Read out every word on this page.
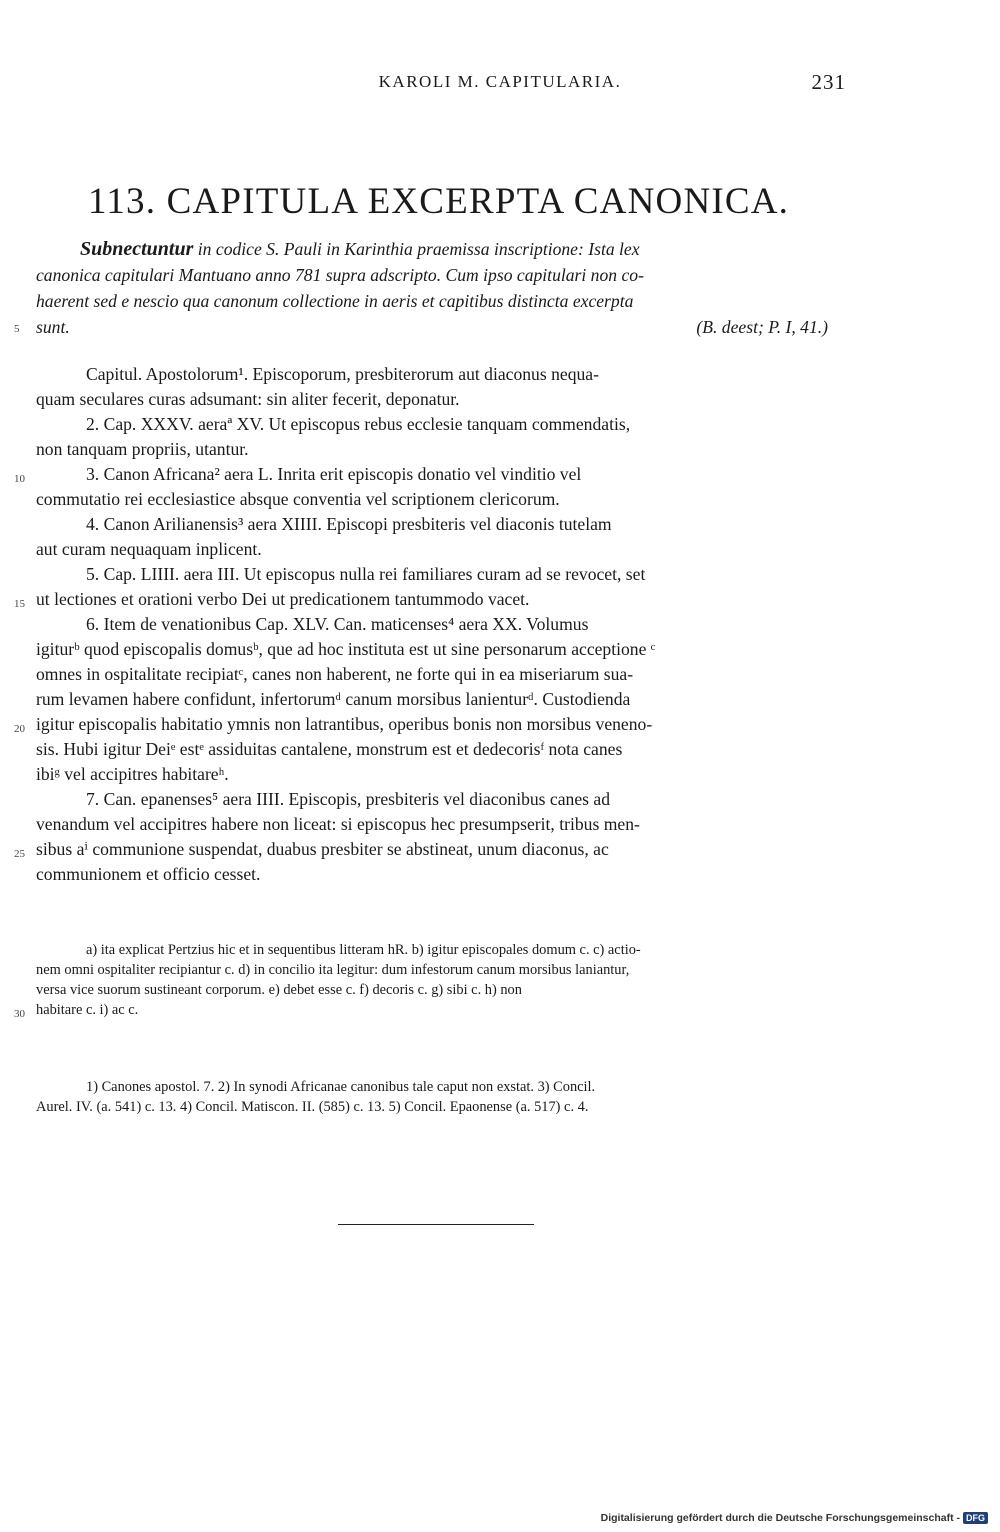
KAROLI M. CAPITULARIA.	231
113. CAPITULA EXCERPTA CANONICA.

Subnectuntur in codice S. Pauli in Karinthia praemissa inscriptione: Ista lex

canonica capitulari Mantuano anno 781 supra adscripto. Cum ipso capitulari non co-
haerent sed e nescio qua canonum collectione in aeris et capitibus distincta excerpta
sunt.	(B. deest; P. I, 41.)
Capitul. Apostolorum¹. Episcoporum, presbiterorum aut diaconus nequa-
quam seculares curas adsumant: sin aliter fecerit, deponatur.
2. Cap. XXXV. aeraª XV. Ut episcopus rebus ecclesie tanquam commendatis,
non tanquam propriis, utantur.
3. Canon Africana² aera L. Inrita erit episcopis donatio vel vinditio vel
commutatio rei ecclesiastice absque conventia vel scriptionem clericorum.
4. Canon Arilianensis³ aera XIIII. Episcopi presbiteris vel diaconis tutelam
aut curam nequaquam inplicent.
5. Cap. LIIII. aera III. Ut episcopus nulla rei familiares curam ad se revocet, set
ut lectiones et orationi verbo Dei ut predicationem tantummodo vacet.
6. Item de venationibus Cap. XLV. Can. maticenses⁴ aera XX. Volumus
igiturᵇ quod episcopalis domusᵇ, que ad hoc instituta est ut sine personarum acceptione ᶜ
omnes in ospitalitate recipiatᶜ, canes non haberent, ne forte qui in ea miseriarum sua-
rum levamen habere confidunt, infertorumᵈ canum morsibus lanienturᵈ. Custodienda
igitur episcopalis habitatio ymnis non latrantibus, operibus bonis non morsibus veneno-
sis. Hubi igitur Deiᵉ estᵉ assiduitas cantalene, monstrum est et dedecorisᶠ nota canes
ibiᵍ vel accipitres habitareʰ.
7. Can. epanenses⁵ aera IIII. Episcopis, presbiteris vel diaconibus canes ad
venandum vel accipitres habere non liceat: si episcopus hec presumpserit, tribus men-
sibus aⁱ communione suspendat, duabus presbiter se abstineat, unum diaconus, ac
communionem et officio cesset.
5
10
15
20
25
30
a) ita explicat Pertzius hic et in sequentibus litteram hR. b) igitur episcopales domum c. c) actio-
nem omni ospitaliter recipiantur c. d) in concilio ita legitur: dum infestorum canum morsibus laniantur,
versa vice suorum sustineant corporum. e) debet esse c. f) decoris c. g) sibi c. h) non
habitare c. i) ac c.
1) Canones apostol. 7. 2) In synodi Africanae canonibus tale caput non exstat. 3) Concil.
Aurel. IV. (a. 541) c. 13. 4) Concil. Matiscon. II. (585) c. 13. 5) Concil. Epaonense (a. 517) c. 4.
Digitalisierung gefördert durch die Deutsche Forschungsgemeinschaft - DFG
